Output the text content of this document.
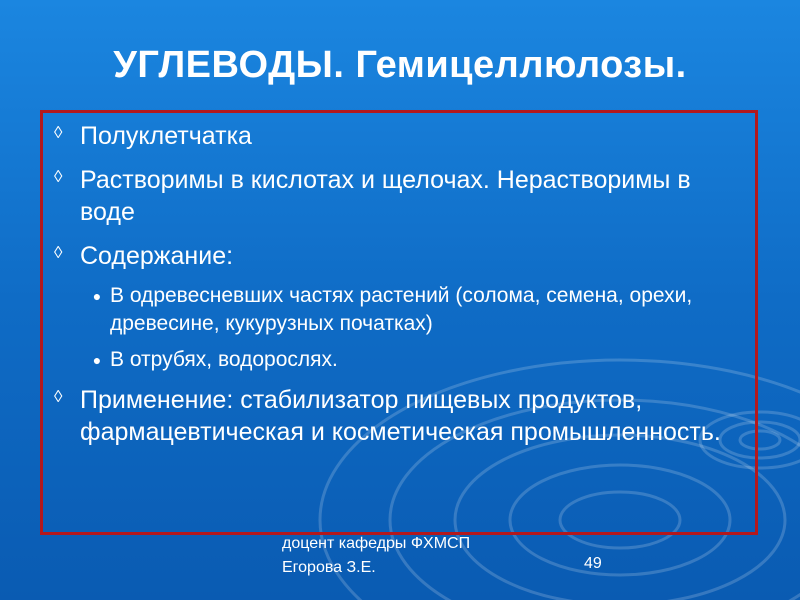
УГЛЕВОДЫ. Гемицеллюлозы.
◊ Полуклетчатка
◊ Растворимы в кислотах и щелочах. Нерастворимы в воде
◊ Содержание:
● В одревесневших частях растений (солома, семена, орехи, древесине, кукурузных початках)
● В отрубях, водорослях.
◊ Применение: стабилизатор пищевых продуктов, фармацевтическая и косметическая промышленность.
доцент кафедры ФХМСП
Егорова З.Е.	49
